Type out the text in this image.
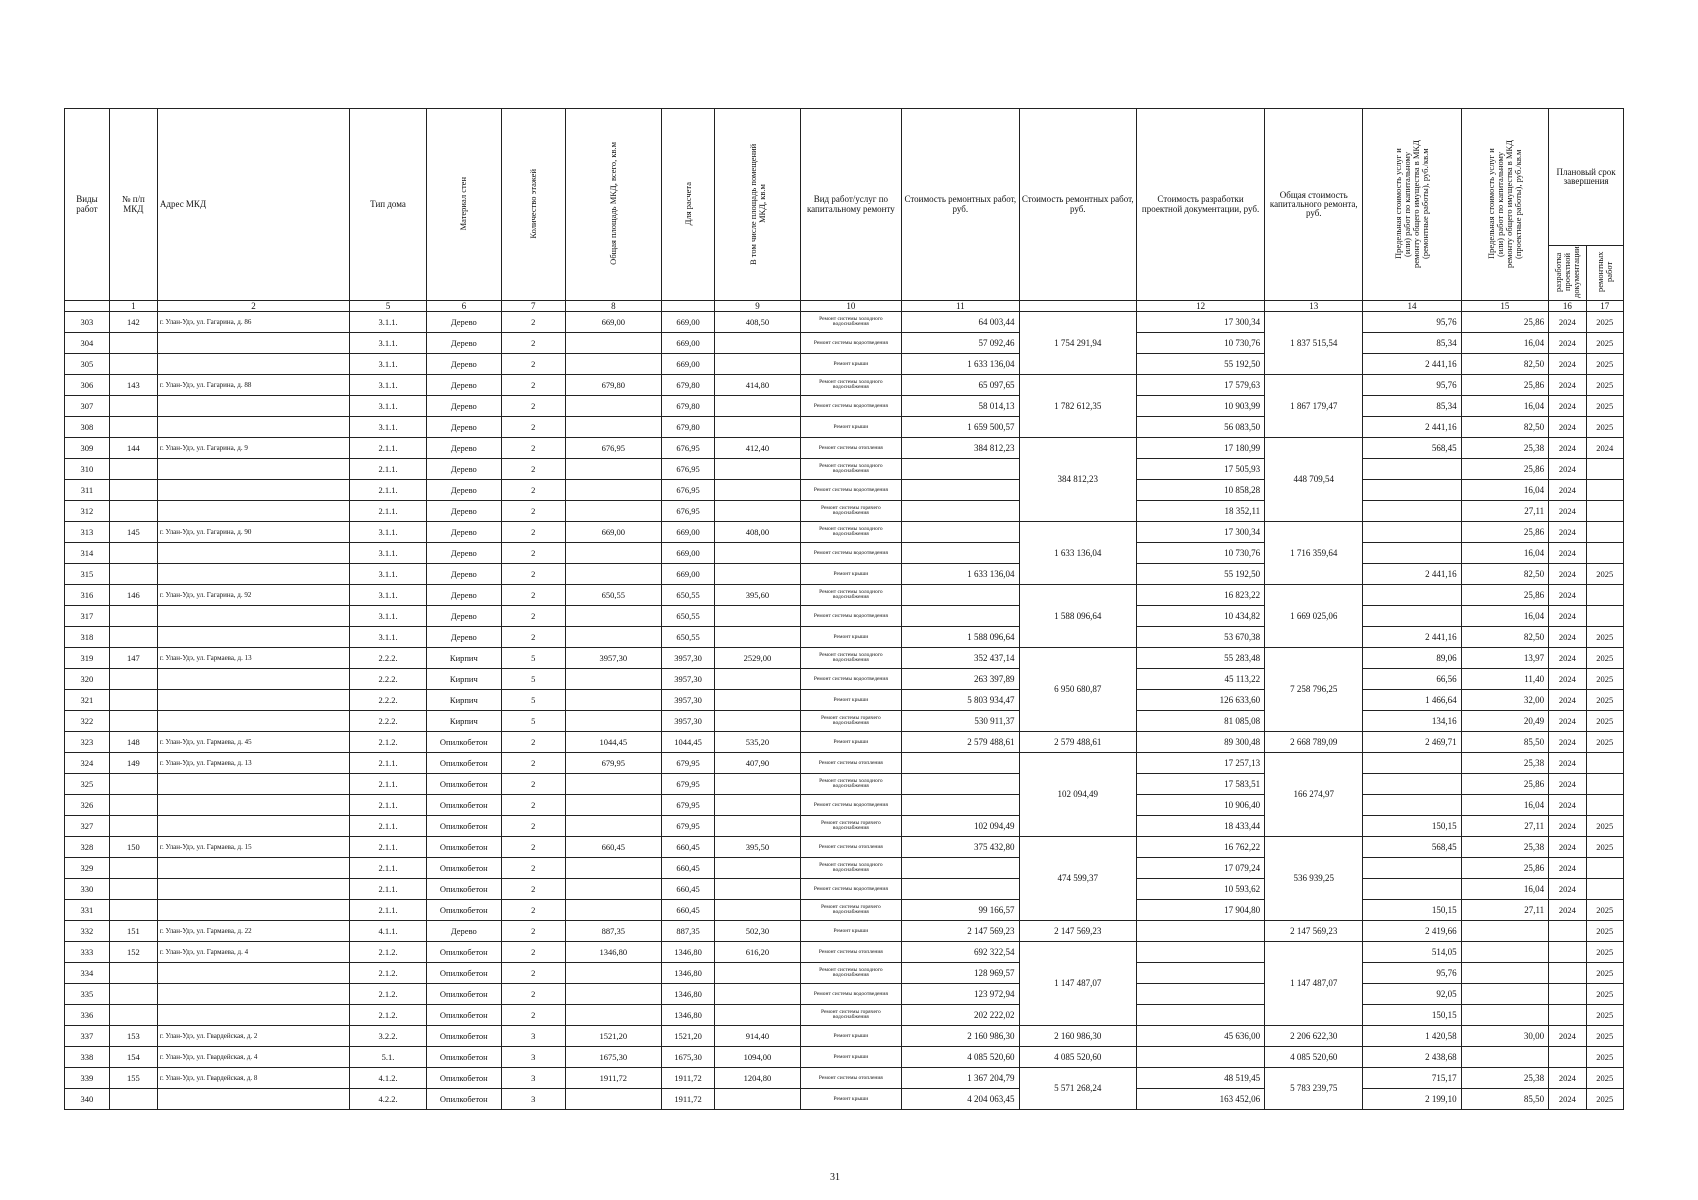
Виды работ	№ п/п МКД	Адрес МКД	Тип дома	Материал стен	Количество этажей	Общая площадь МКД, всего, кв.м	Для расчета	В том числе площадь помещений МКД, кв.м	Вид работ/услуг по капитальному ремонту	Стоимость ремонтных работ, руб.	Стоимость ремонтных работ, руб.	Стоимость разработки проектной документации, руб.	Общая стоимость капитального ремонта, руб.	Предельная стоимость услуг и (или) работ по капитальному ремонту общего имущества в МКД (ремонтные работы), руб./кв.м	Предельная стоимость услуг и (или) работ по капитальному ремонту общего имущества в МКД (проектные работы), руб./кв.м	Плановый срок завершения	
																разработка проектной документации	ремонтных работ
	1	2	5	6	7	8		9	10	11		12	13	14	15	16	17
303	142	г. Улан-Удэ, ул. Гагарина, д. 86	3.1.1.	Дерево	2	669,00	669,00	408,50	Ремонт системы холодного водоснабжения	64 003,44	1 754 291,94	17 300,34	1 837 515,54	95,76	25,86	2024	2025
304			3.1.1.	Дерево	2		669,00		Ремонт системы водоотведения	57 092,46		10 730,76		85,34	16,04	2024	2025
305			3.1.1.	Дерево	2		669,00		Ремонт крыши	1 633 136,04		55 192,50		2 441,16	82,50	2024	2025
306	143	г. Улан-Удэ, ул. Гагарина, д. 88	3.1.1.	Дерево	2	679,80	679,80	414,80	Ремонт системы холодного водоснабжения	65 097,65	1 782 612,35	17 579,63	1 867 179,47	95,76	25,86	2024	2025
307			3.1.1.	Дерево	2		679,80		Ремонт системы водоотведения	58 014,13		10 903,99		85,34	16,04	2024	2025
308			3.1.1.	Дерево	2		679,80		Ремонт крыши	1 659 500,57		56 083,50		2 441,16	82,50	2024	2025
309	144	г. Улан-Удэ, ул. Гагарина, д. 9	2.1.1.	Дерево	2	676,95	676,95	412,40	Ремонт системы отопления	384 812,23	384 812,23	17 180,99	448 709,54	568,45	25,38	2024	2024
310			2.1.1.	Дерево	2		676,95		Ремонт системы холодного водоснабжения			17 505,93			25,86	2024	
311			2.1.1.	Дерево	2		676,95		Ремонт системы водоотведения			10 858,28			16,04	2024	
312			2.1.1.	Дерево	2		676,95		Ремонт системы горячего водоснабжения			18 352,11			27,11	2024	
313	145	г. Улан-Удэ, ул. Гагарина, д. 90	3.1.1.	Дерево	2	669,00	669,00	408,00	Ремонт системы холодного водоснабжения		1 633 136,04	17 300,34	1 716 359,64		25,86	2024	
314			3.1.1.	Дерево	2		669,00		Ремонт системы водоотведения			10 730,76			16,04	2024	
315			3.1.1.	Дерево	2		669,00		Ремонт крыши	1 633 136,04		55 192,50		2 441,16	82,50	2024	2025
316	146	г. Улан-Удэ, ул. Гагарина, д. 92	3.1.1.	Дерево	2	650,55	650,55	395,60	Ремонт системы холодного водоснабжения		1 588 096,64	16 823,22	1 669 025,06		25,86	2024	
317			3.1.1.	Дерево	2		650,55		Ремонт системы водоотведения			10 434,82			16,04	2024	
318			3.1.1.	Дерево	2		650,55		Ремонт крыши	1 588 096,64		53 670,38		2 441,16	82,50	2024	2025
319	147	г. Улан-Удэ, ул. Гармаева, д. 13	2.2.2.	Кирпич	5	3957,30	3957,30	2529,00	Ремонт системы холодного водоснабжения	352 437,14	6 950 680,87	55 283,48	7 258 796,25	89,06	13,97	2024	2025
320			2.2.2.	Кирпич	5		3957,30		Ремонт системы водоотведения	263 397,89		45 113,22		66,56	11,40	2024	2025
321			2.2.2.	Кирпич	5		3957,30		Ремонт крыши	5 803 934,47		126 633,60		1 466,64	32,00	2024	2025
322			2.2.2.	Кирпич	5		3957,30		Ремонт системы горячего водоснабжения	530 911,37		81 085,08		134,16	20,49	2024	2025
323	148	г. Улан-Удэ, ул. Гармаева, д. 45	2.1.2.	Опилкобетон	2	1044,45	1044,45	535,20	Ремонт крыши	2 579 488,61	2 579 488,61	89 300,48	2 668 789,09	2 469,71	85,50	2024	2025
324	149	г. Улан-Удэ, ул. Гармаева, д. 13	2.1.1.	Опилкобетон	2	679,95	679,95	407,90	Ремонт системы отопления		102 094,49	17 257,13	166 274,97		25,38	2024	
325			2.1.1.	Опилкобетон	2		679,95		Ремонт системы холодного водоснабжения			17 583,51			25,86	2024	
326			2.1.1.	Опилкобетон	2		679,95		Ремонт системы водоотведения			10 906,40			16,04	2024	
327			2.1.1.	Опилкобетон	2		679,95		Ремонт системы горячего водоснабжения	102 094,49		18 433,44		150,15	27,11	2024	2025
328	150	г. Улан-Удэ, ул. Гармаева, д. 15	2.1.1.	Опилкобетон	2	660,45	660,45	395,50	Ремонт системы отопления	375 432,80	474 599,37	16 762,22	536 939,25	568,45	25,38	2024	2025
329			2.1.1.	Опилкобетон	2		660,45		Ремонт системы холодного водоснабжения			17 079,24			25,86	2024	
330			2.1.1.	Опилкобетон	2		660,45		Ремонт системы водоотведения			10 593,62			16,04	2024	
331			2.1.1.	Опилкобетон	2		660,45		Ремонт системы горячего водоснабжения	99 166,57		17 904,80		150,15	27,11	2024	2025
332	151	г. Улан-Удэ, ул. Гармаева, д. 22	4.1.1.	Дерево	2	887,35	887,35	502,30	Ремонт крыши	2 147 569,23	2 147 569,23		2 147 569,23	2 419,66			2025
333	152	г. Улан-Удэ, ул. Гармаева, д. 4	2.1.2.	Опилкобетон	2	1346,80	1346,80	616,20	Ремонт системы отопления	692 322,54	1 147 487,07		1 147 487,07	514,05			2025
334			2.1.2.	Опилкобетон	2		1346,80		Ремонт системы холодного водоснабжения	128 969,57				95,76			2025
335			2.1.2.	Опилкобетон	2		1346,80		Ремонт системы водоотведения	123 972,94				92,05			2025
336			2.1.2.	Опилкобетон	2		1346,80		Ремонт системы горячего водоснабжения	202 222,02				150,15			2025
337	153	г. Улан-Удэ, ул. Гвардейская, д. 2	3.2.2.	Опилкобетон	3	1521,20	1521,20	914,40	Ремонт крыши	2 160 986,30	2 160 986,30	45 636,00	2 206 622,30	1 420,58	30,00	2024	2025
338	154	г. Улан-Удэ, ул. Гвардейская, д. 4	5.1.	Опилкобетон	3	1675,30	1675,30	1094,00	Ремонт крыши	4 085 520,60	4 085 520,60		4 085 520,60	2 438,68			2025
339	155	г. Улан-Удэ, ул. Гвардейская, д. 8	4.1.2.	Опилкобетон	3	1911,72	1911,72	1204,80	Ремонт системы отопления	1 367 204,79	5 571 268,24	48 519,45	5 783 239,75	715,17	25,38	2024	2025
340			4.2.2.	Опилкобетон	3		1911,72		Ремонт крыши	4 204 063,45		163 452,06		2 199,10	85,50	2024	2025
31
